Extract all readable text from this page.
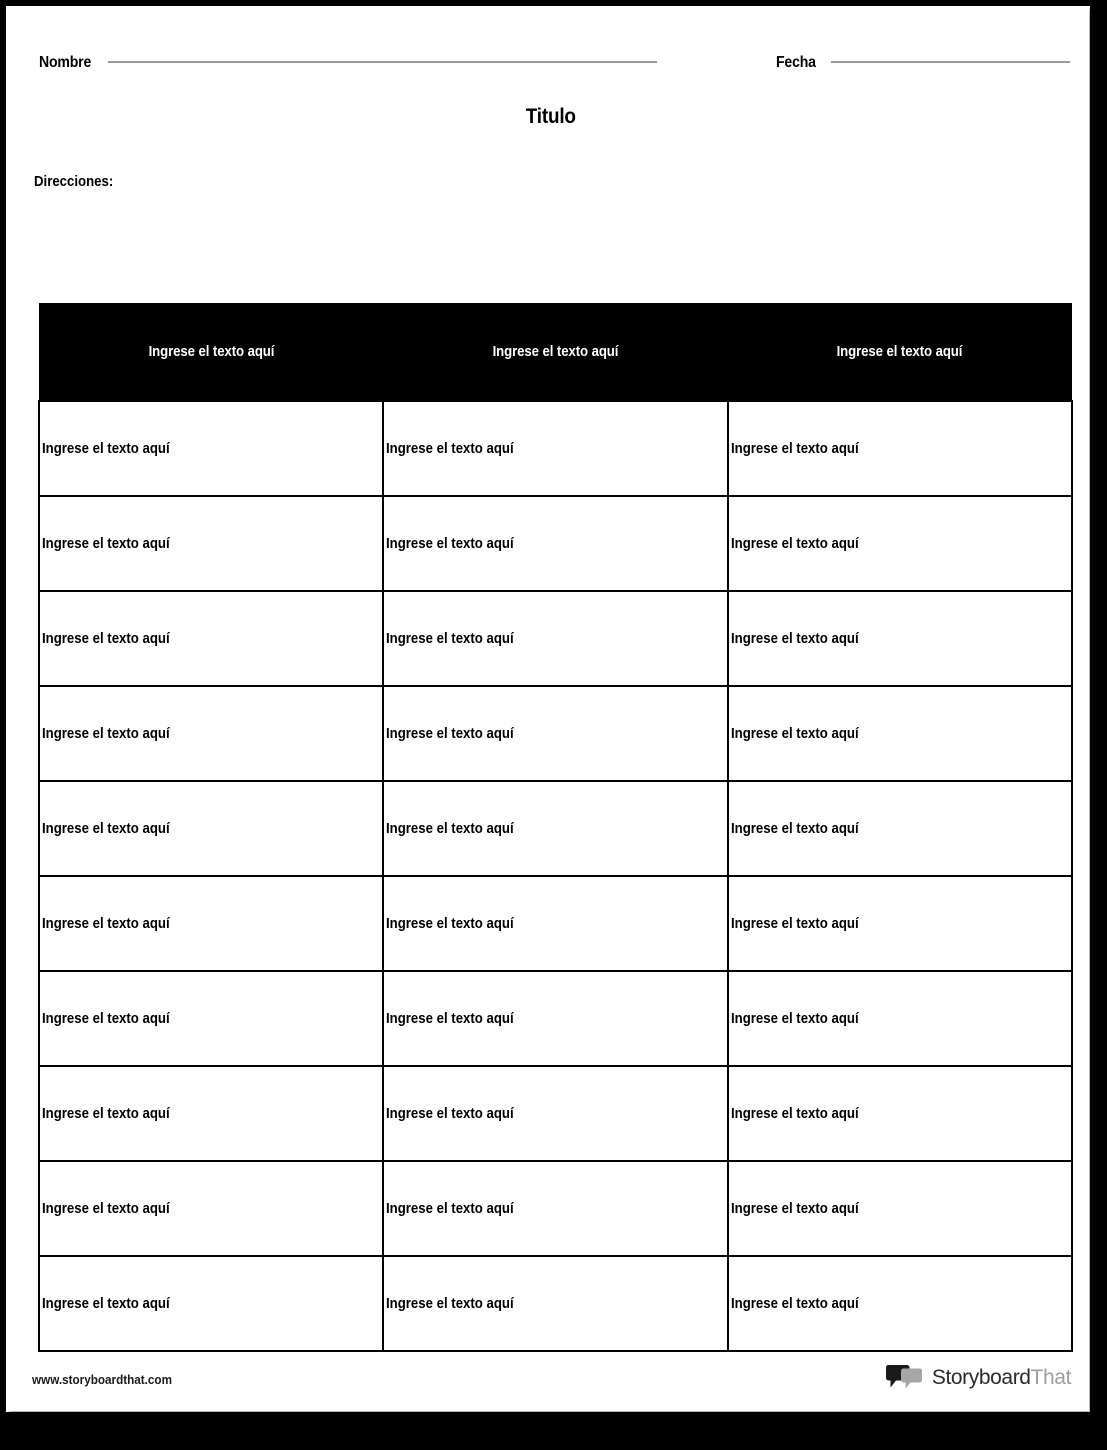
Nombre	Fecha
Titulo
Direcciones:
Ingrese el texto aquí	Ingrese el texto aquí	Ingrese el texto aquí

Ingrese el texto aquí	Ingrese el texto aquí	Ingrese el texto aquí

Ingrese el texto aquí	Ingrese el texto aquí	Ingrese el texto aquí

Ingrese el texto aquí	Ingrese el texto aquí	Ingrese el texto aquí

Ingrese el texto aquí	Ingrese el texto aquí	Ingrese el texto aquí

Ingrese el texto aquí	Ingrese el texto aquí	Ingrese el texto aquí

Ingrese el texto aquí	Ingrese el texto aquí	Ingrese el texto aquí

Ingrese el texto aquí	Ingrese el texto aquí	Ingrese el texto aquí

Ingrese el texto aquí	Ingrese el texto aquí	Ingrese el texto aquí

Ingrese el texto aquí	Ingrese el texto aquí	Ingrese el texto aquí

Ingrese el texto aquí	Ingrese el texto aquí	Ingrese el texto aquí
www.storyboardthat.com	StoryboardThat
